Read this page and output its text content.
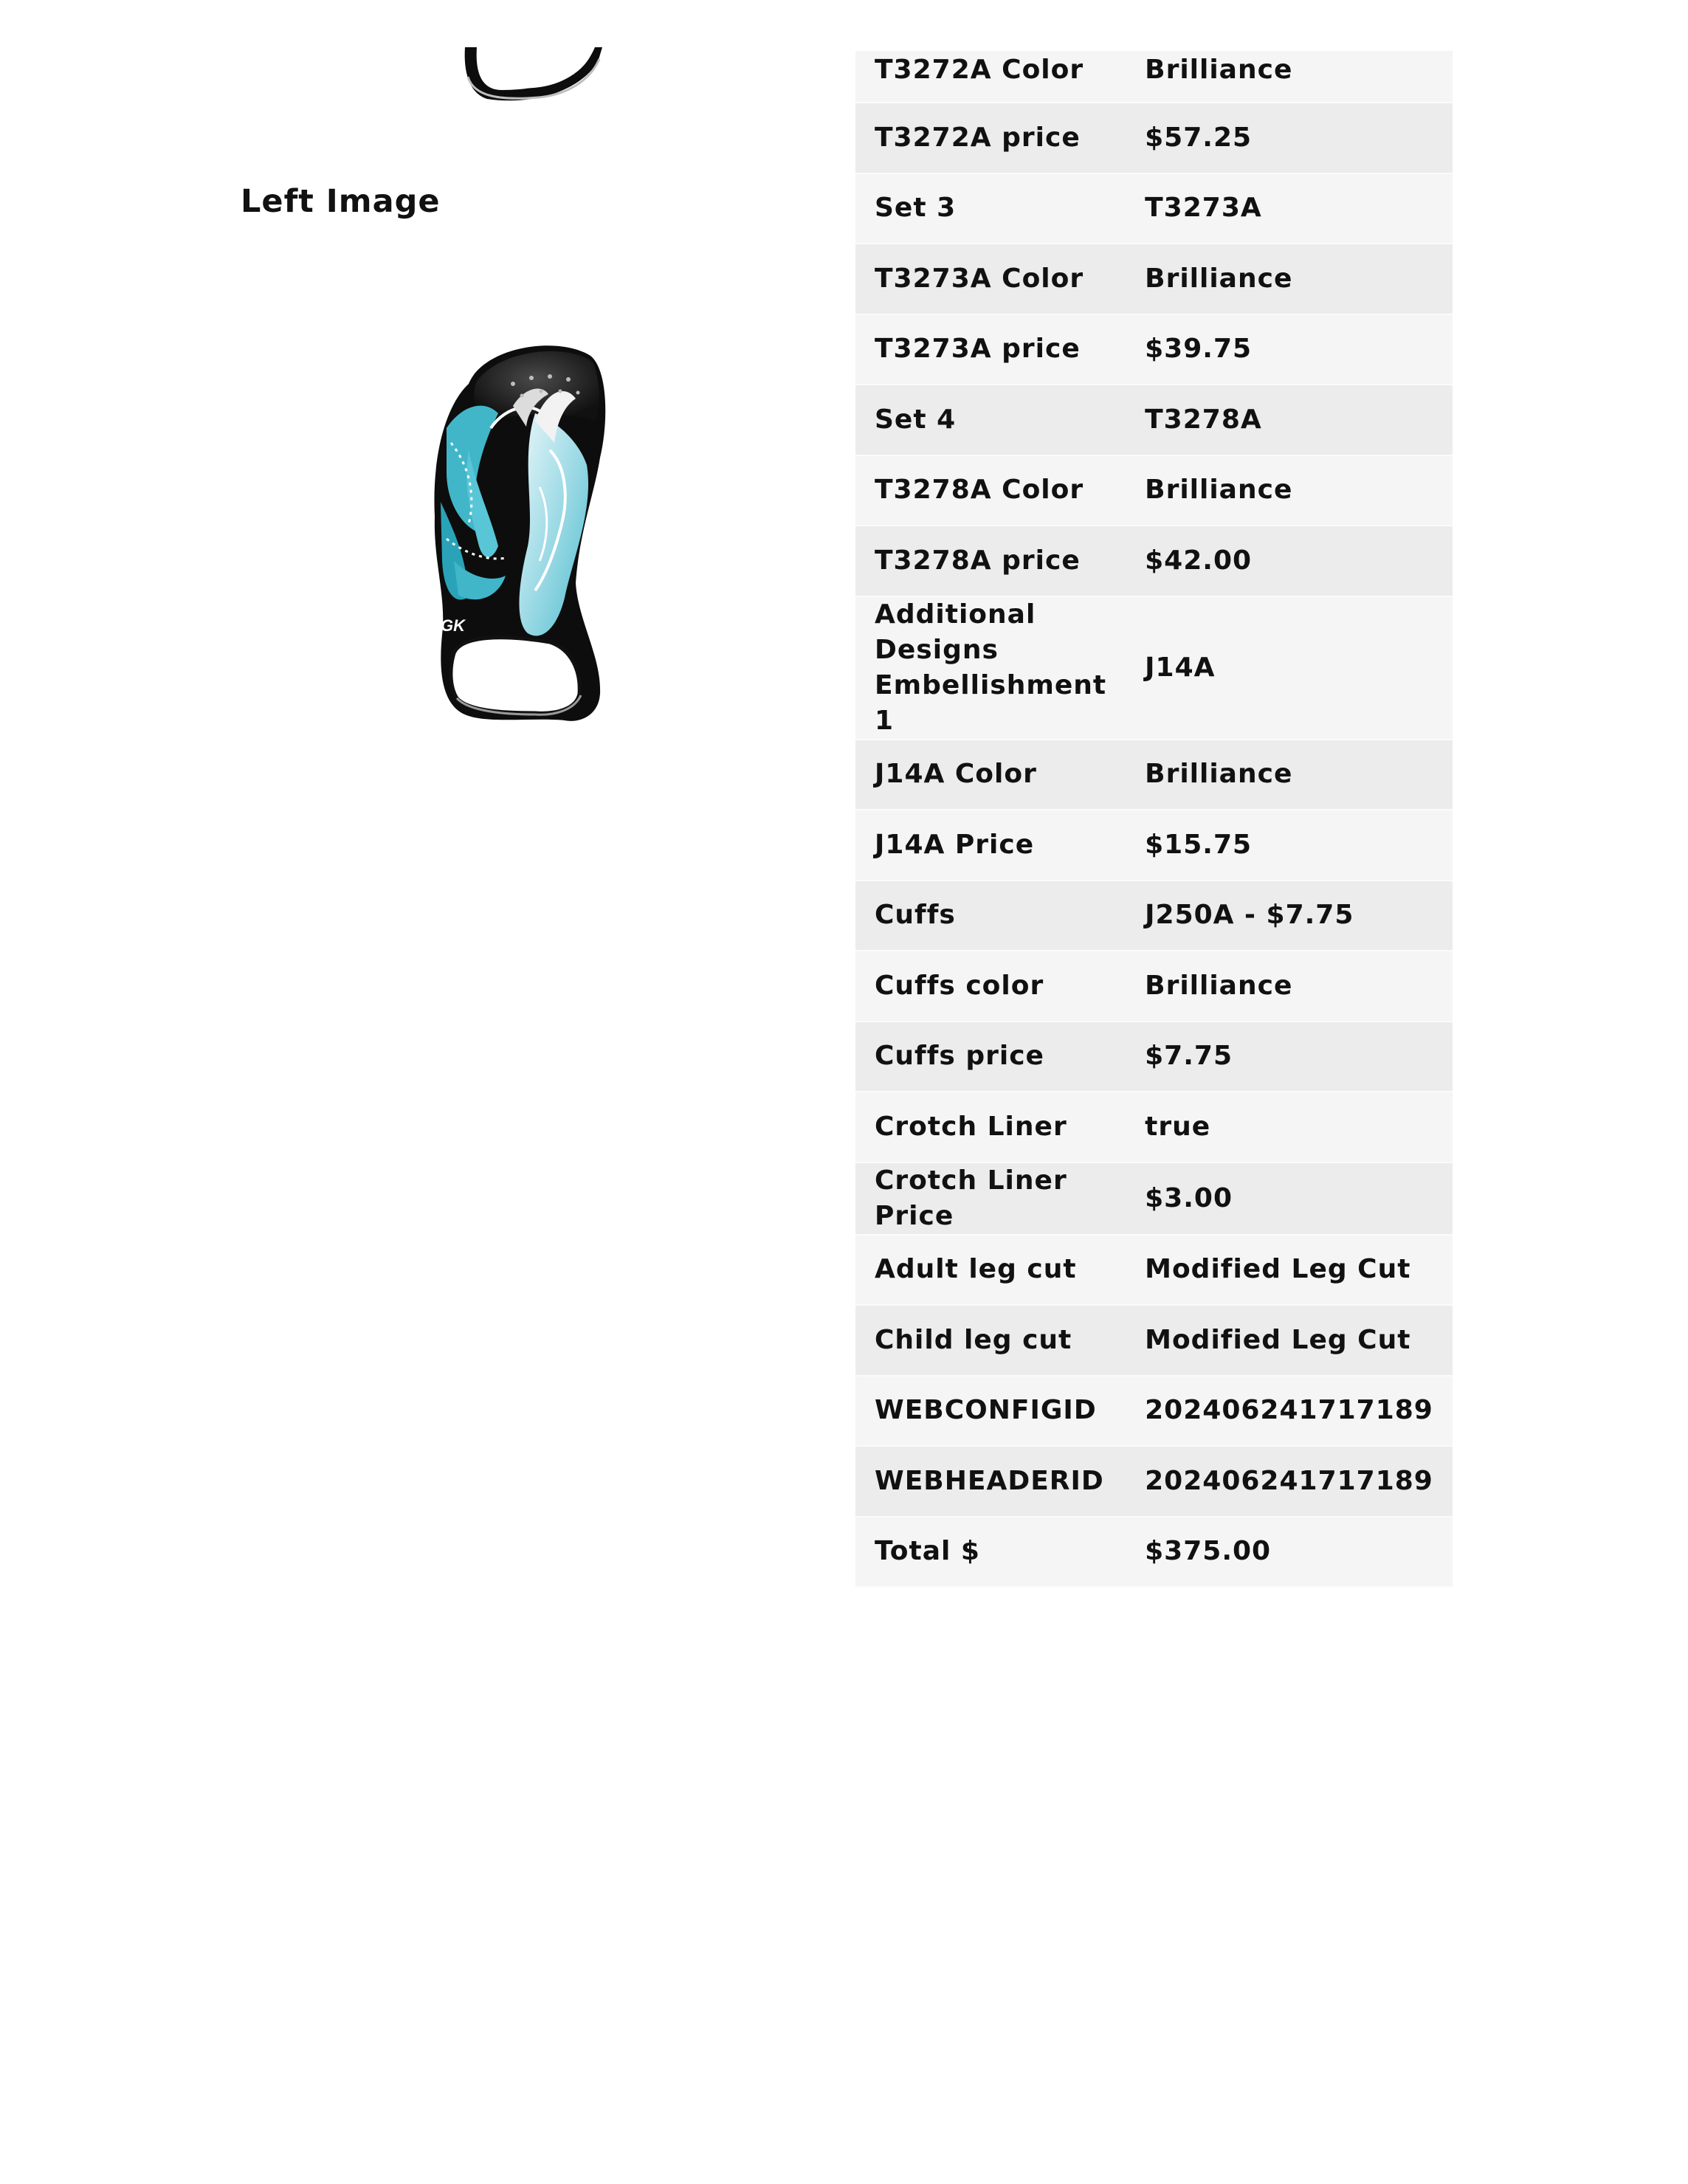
Left Image
GK
T3272A Color	Brilliance
T3272A price	$57.25
Set 3	T3273A
T3273A Color	Brilliance
T3273A price	$39.75
Set 4	T3278A
T3278A Color	Brilliance
T3278A price	$42.00
Additional Designs Embellishment 1	J14A
J14A Color	Brilliance
J14A Price	$15.75
Cuffs	J250A - $7.75
Cuffs color	Brilliance
Cuffs price	$7.75
Crotch Liner	true
Crotch Liner Price	$3.00
Adult leg cut	Modified Leg Cut
Child leg cut	Modified Leg Cut
WEBCONFIGID	202406241717189
WEBHEADERID	202406241717189
Total $	$375.00
